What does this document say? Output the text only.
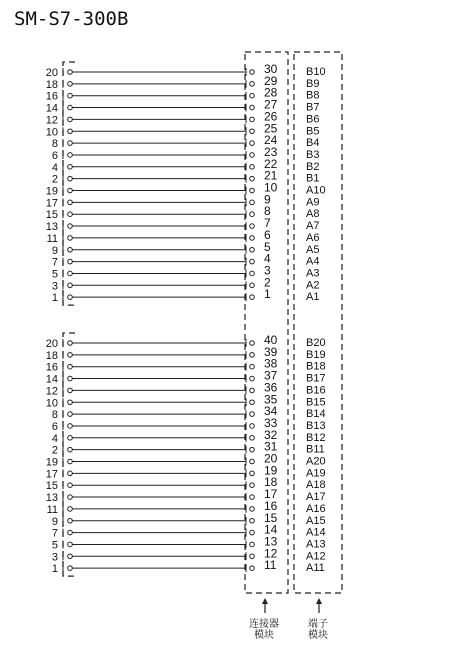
SM-S7-300B
20	30	B10
18	29	B9
16	28	B8
14	27	B7
12	26	B6
10	25	B5
8	24	B4
6	23	B3
4	22	B2
2	21	B1
19	10	A10
17	9	A9
15	8	A8
13	7	A7
11	6	A6
9	5	A5
7	4	A4
5	3	A3
3	2	A2
1	1	A1
20	40	B20
18	39	B19
16	38	B18
14	37	B17
12	36	B16
10	35	B15
8	34	B14
6	33	B13
4	32	B12
2	31	B11
19	20	A20
17	19	A19
15	18	A18
13	17	A17
11	16	A16
9	15	A15
7	14	A14
5	13	A13
3	12	A12
1	11	A11
连接器
模块
端子
模块
